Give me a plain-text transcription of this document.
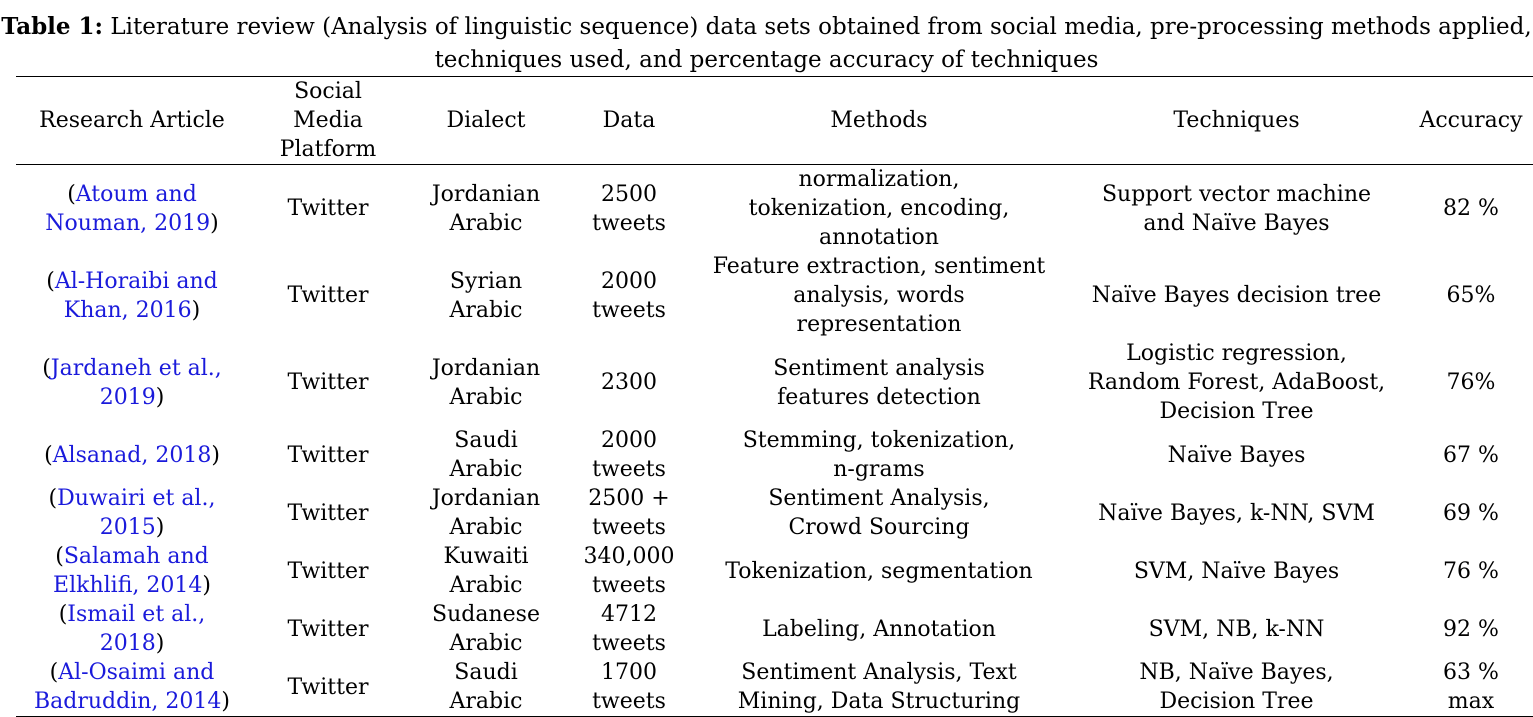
Table 1: Literature review (Analysis of linguistic sequence) data sets obtained from social media, pre-processing methods applied, techniques used, and percentage accuracy of techniques
Research Article	Social Media Platform	Dialect	Data	Methods	Techniques	Accuracy

(Atoum and Nouman, 2019)	Twitter	Jordanian Arabic	2500 tweets	normalization, tokenization, encoding, annotation	Support vector machine and Naïve Bayes	82 %

(Al-Horaibi and Khan, 2016)	Twitter	Syrian Arabic	2000 tweets	Feature extraction, sentiment analysis, words representation	Naïve Bayes decision tree	65%

(Jardaneh et al., 2019)	Twitter	Jordanian Arabic	2300	Sentiment analysis features detection	Logistic regression, Random Forest, AdaBoost, Decision Tree	76%
(Alsanad, 2018)	Twitter	Saudi Arabic	2000 tweets	Stemming, tokenization, n-grams	Naïve Bayes	67 %

(Duwairi et al., 2015)	Twitter	Jordanian Arabic	2500 + tweets	Sentiment Analysis, Crowd Sourcing	Naïve Bayes, k-NN, SVM	69 %

(Salamah and Elkhlifi, 2014)	Twitter	Kuwaiti Arabic	340,000 tweets	Tokenization, segmentation	SVM, Naïve Bayes	76 %

(Ismail et al., 2018)	Twitter	Sudanese Arabic	4712 tweets	Labeling, Annotation	SVM, NB, k-NN	92 %

(Al-Osaimi and Badruddin, 2014)	Twitter	Saudi Arabic	1700 tweets	Sentiment Analysis, Text Mining, Data Structuring	NB, Naïve Bayes, Decision Tree	63 % max
